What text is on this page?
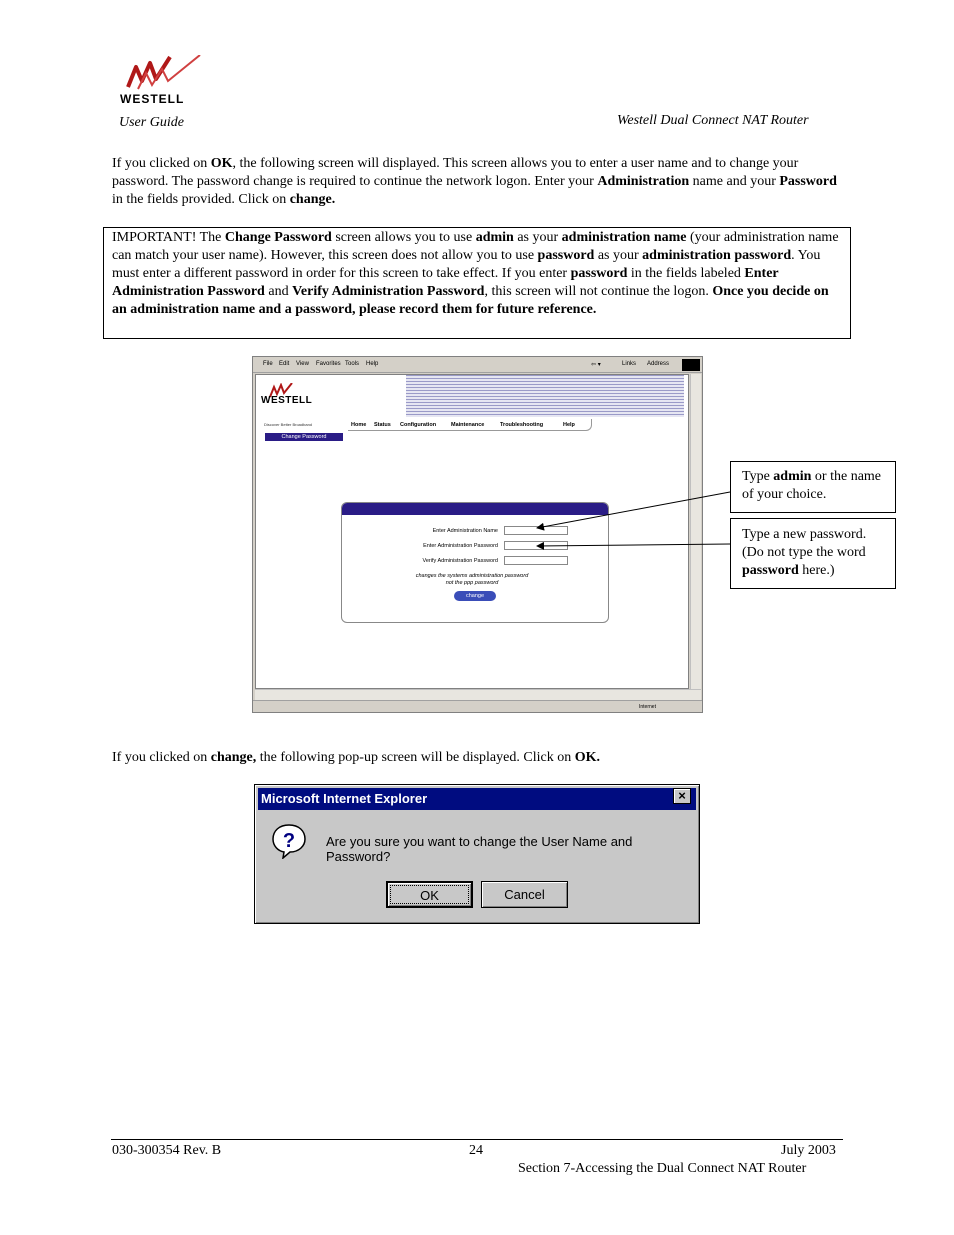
WESTELL
User Guide	Westell Dual Connect NAT Router
If you clicked on OK, the following screen will displayed. This screen allows you to enter a user name and to change your password. The password change is required to continue the network logon. Enter your Administration name and your Password in the fields provided. Click on change.
IMPORTANT! The Change Password screen allows you to use admin as your administration name (your administration name can match your user name). However, this screen does not allow you to use password as your administration password. You must enter a different password in order for this screen to take effect. If you enter password in the fields labeled Enter Administration Password and Verify Administration Password, this screen will not continue the logon. Once you decide on an administration name and a password, please record them for future reference.
File Edit View Favorites Tools Help	⇦ ▾	Links Address
WESTELL
Discover Better Broadband	Home Status Configuration	Maintenance	Troubleshooting	Help
Change Password
Enter Administration Name
Enter Administration Password
Verify Administration Password
changes the systems administration password
not the ppp password
change
Internet
Type admin or the name of your choice.
Type a new password. (Do not type the word password here.)
If you clicked on change, the following pop-up screen will be displayed. Click on OK.
Microsoft Internet Explorer	×
? Are you sure you want to change the User Name and Password?
OK	Cancel
030-300354 Rev. B	24	July 2003
Section 7-Accessing the Dual Connect NAT Router
